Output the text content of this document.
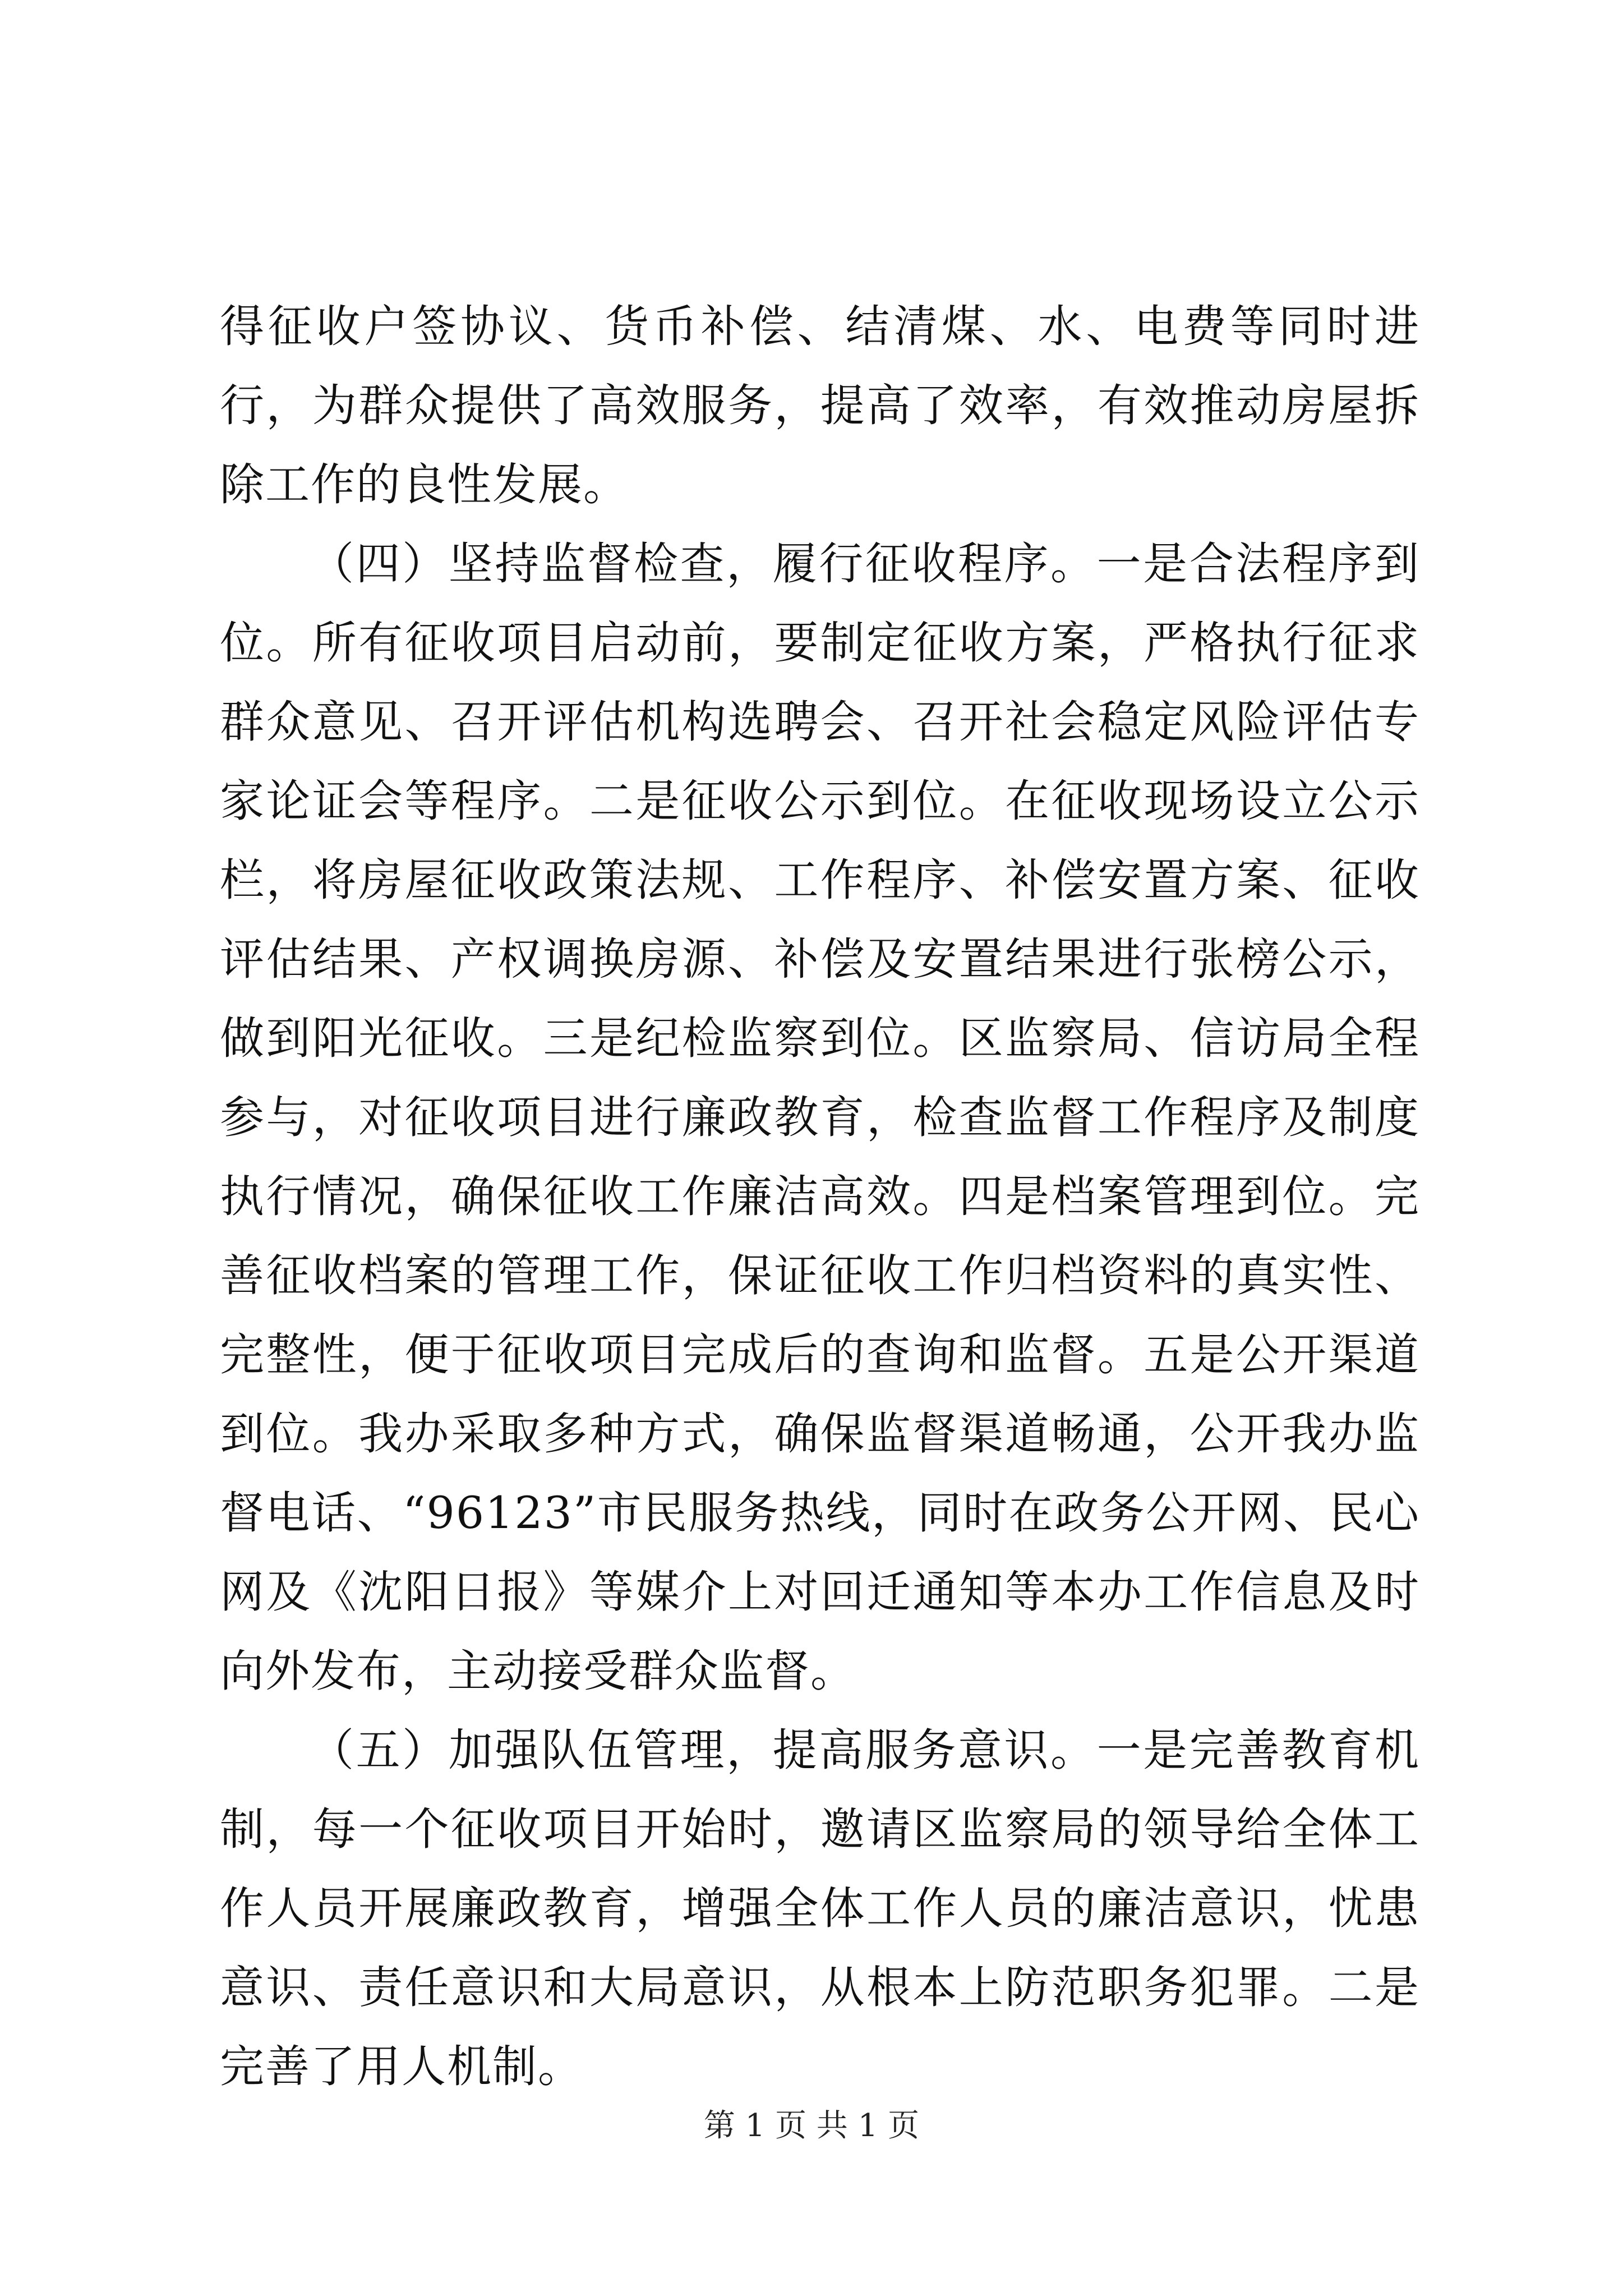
得征收户签协议、货币补偿、结清煤、水、电费等同时进行，为群众提供了高效服务，提高了效率，有效推动房屋拆除工作的良性发展。

（四）坚持监督检查，履行征收程序。一是合法程序到位。所有征收项目启动前，要制定征收方案，严格执行征求群众意见、召开评估机构选聘会、召开社会稳定风险评估专家论证会等程序。二是征收公示到位。在征收现场设立公示栏，将房屋征收政策法规、工作程序、补偿安置方案、征收评估结果、产权调换房源、补偿及安置结果进行张榜公示，做到阳光征收。三是纪检监察到位。区监察局、信访局全程参与，对征收项目进行廉政教育，检查监督工作程序及制度执行情况，确保征收工作廉洁高效。四是档案管理到位。完善征收档案的管理工作，保证征收工作归档资料的真实性、完整性，便于征收项目完成后的查询和监督。五是公开渠道到位。我办采取多种方式，确保监督渠道畅通，公开我办监督电话、“96123”市民服务热线，同时在政务公开网、民心网及《沈阳日报》等媒介上对回迁通知等本办工作信息及时向外发布，主动接受群众监督。

（五）加强队伍管理，提高服务意识。一是完善教育机制，每一个征收项目开始时，邀请区监察局的领导给全体工作人员开展廉政教育，增强全体工作人员的廉洁意识，忧患意识、责任意识和大局意识，从根本上防范职务犯罪。二是完善了用人机制。

第 1 页 共 1 页
